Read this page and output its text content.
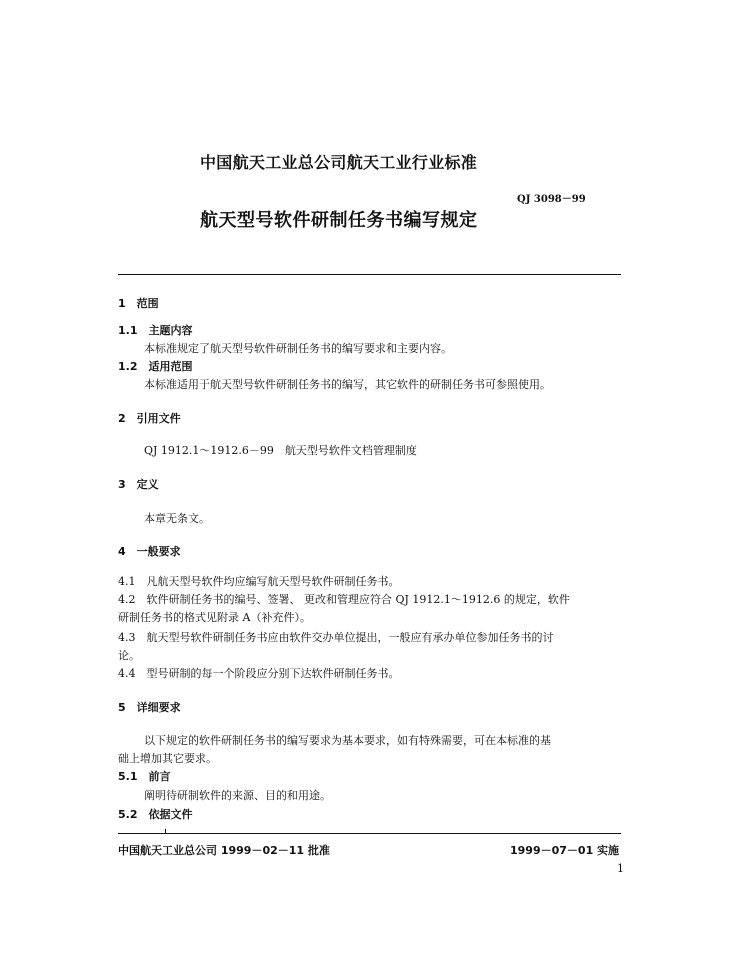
中国航天工业总公司航天工业行业标准
QJ 3098－99
航天型号软件研制任务书编写规定
1　范围
1.1　主题内容
本标准规定了航天型号软件研制任务书的编写要求和主要内容。
1.2　适用范围
本标准适用于航天型号软件研制任务书的编写，其它软件的研制任务书可参照使用。
2　引用文件
QJ 1912.1～1912.6－99　航天型号软件文档管理制度
3　定义
本章无条文。
4　一般要求
4.1　凡航天型号软件均应编写航天型号软件研制任务书。
4.2　软件研制任务书的编号、签署、 更改和管理应符合 QJ 1912.1～1912.6 的规定，软件
研制任务书的格式见附录 A（补充件）。
4.3　航天型号软件研制任务书应由软件交办单位提出，一般应有承办单位参加任务书的讨
论。
4.4　型号研制的每一个阶段应分别下达软件研制任务书。
5　详细要求
以下规定的软件研制任务书的编写要求为基本要求，如有特殊需要，可在本标准的基
础上增加其它要求。
5.1　前言
阐明待研制软件的来源、目的和用途。
5.2　依据文件
中国航天工业总公司 1999－02－11 批准	1999－07－01 实施
1
